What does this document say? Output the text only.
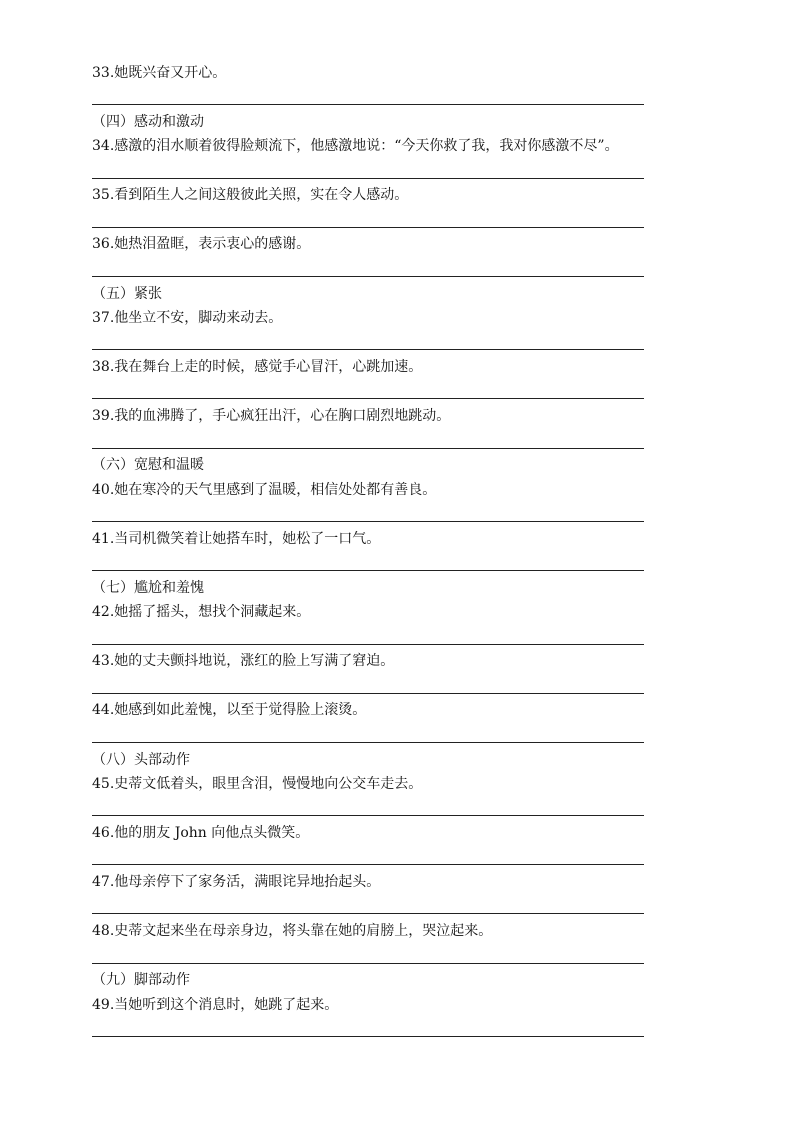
33.她既兴奋又开心。
（四）感动和激动
34.感激的泪水顺着彼得脸颊流下，他感激地说：“今天你救了我，我对你感激不尽”。
35.看到陌生人之间这般彼此关照，实在令人感动。
36.她热泪盈眶，表示衷心的感谢。
（五）紧张
37.他坐立不安，脚动来动去。
38.我在舞台上走的时候，感觉手心冒汗，心跳加速。
39.我的血沸腾了，手心疯狂出汗，心在胸口剧烈地跳动。
（六）宽慰和温暖
40.她在寒冷的天气里感到了温暖，相信处处都有善良。
41.当司机微笑着让她搭车时，她松了一口气。
（七）尴尬和羞愧
42.她摇了摇头，想找个洞藏起来。
43.她的丈夫颤抖地说，涨红的脸上写满了窘迫。
44.她感到如此羞愧，以至于觉得脸上滚烫。
（八）头部动作
45.史蒂文低着头，眼里含泪，慢慢地向公交车走去。
46.他的朋友 John 向他点头微笑。
47.他母亲停下了家务活，满眼诧异地抬起头。
48.史蒂文起来坐在母亲身边，将头靠在她的肩膀上，哭泣起来。
（九）脚部动作
49.当她听到这个消息时，她跳了起来。
